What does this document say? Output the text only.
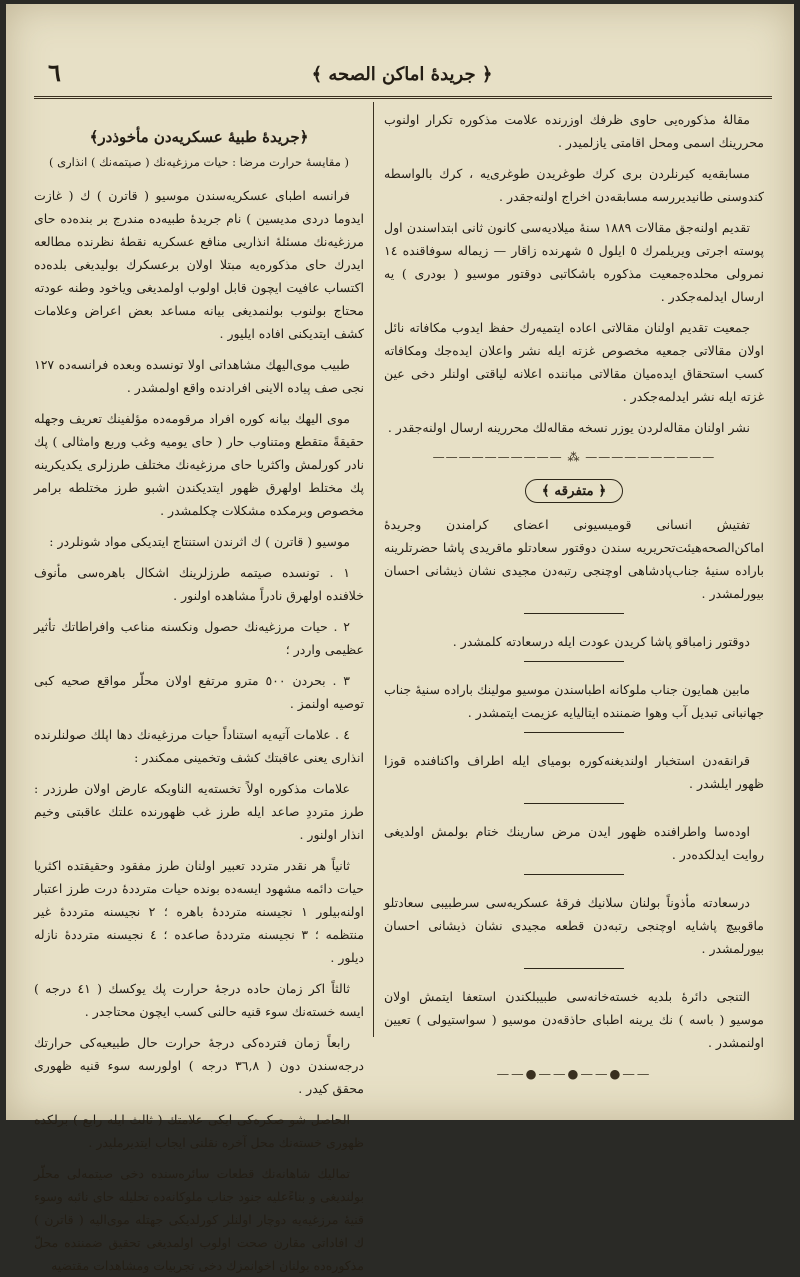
٦	﴿ جريدهٔ اماكن الصحه ﴾

مقالهٔ مذكوره‌يى حاوى ظرفك اوزرنده علامت مذكوره تكرار اولنوب محررينك اسمى ومحل اقامتى يازلميدر .

مسابقه‌يه كيرنلردن برى كرك طوغريدن طوغرى‌يه ، كرك بالواسطه كندوسنى طانيديررسه مسابقه‌دن اخراج اولنه‌جقدر .

تقديم اولنه‌جق مقالات ١٨٨٩ سنهٔ ميلاديه‌سى كانون ثانى ابتداسندن اول پوسته اجرتى ويريلمرك ٥ ايلول ٥ شهرنده زاقار — زيماله سوفاقنده ١٤ نمرولى محلده‌جمعيت مذكوره باشكاتبى دوقتور موسيو ( بودرى ) يه ارسال ايدلمه‌جكدر .

جمعيت تقديم اولنان مقالاتى اعاده ايتميه‌رك حفظ ايدوب مكافاته نائل اولان مقالاتى جمعيه مخصوص غزته ايله نشر واعلان ايده‌جك ومكافاته كسب استحقاق ايده‌ميان مقالاتى مباننده اعلانه لياقتى اولنلر دخى عين غزته ايله نشر ايدلمه‌جكدر .

نشر اولنان مقاله‌لردن يوزر نسخه مقاله‌لك محررينه ارسال اولنه‌جقدر .

—————————— ⁂ ——————————
﴿ متفرقه ﴾

تفتيش انسانى قوميسيونى اعضاى كرامندن وجريدهٔ اماكن‌الصحه‌هيئت‌تحريريه سندن دوقتور سعادتلو ماقريدى پاشا حضرتلرينه باراده سنيهٔ جناب‌پادشاهى اوچنجى رتبه‌دن مجيدى نشان ذيشانى احسان بيورلمشدر .

دوقتور زامباقو پاشا كريدن عودت ايله درسعادته كلمشدر .

مابين همايون جناب ملوكانه اطباسندن موسيو مولينك باراده سنيهٔ جناب جهانبانى تبديل آب وهوا ضمننده ايتاليايه عزيمت ايتمشدر .

قرانقه‌دن استخبار اولنديغنه‌كوره بوميای ايله اطراف واكنافنده قوزا ظهور ايلشدر .

اوده‌سا واطرافنده ظهور ايدن مرض سارينك ختام بولمش اولديغى روايت ايدلكده‌در .

درسعادته مأذوناً بولنان سلانيك فرقهٔ عسكريه‌سى سرطبيبى سعادتلو ماقوبيچ پاشايه اوچنجى رتبه‌دن قطعه مجيدى نشان ذيشانى احسان بيورلمشدر .

التنجى دائرهٔ بلديه خسته‌خانه‌سى طبيبلكندن استعفا ايتمش اولان موسيو ( باسه ) نك يرينه اطباى حاذقه‌دن موسيو ( سواستيولى ) تعيين اولنمشدر .

——●——●——●——
﴿جريدهٔ طبيهٔ عسكريه‌دن مأخوذدر﴾
( مقايسهٔ حرارت مرضا : حيات مرزغيه‌نك ( صيتمه‌نك ) انذارى )

فرانسه اطباى عسكريه‌سندن موسيو ( قاترن ) ك ( غازت ايدوما دردى مديسين ) نام جريدهٔ طبيه‌ده مندرج بر بنده‌ده حاى مرزغيه‌نك مسئلهٔ انذاريى منافع عسكريه نقطهٔ نظرنده مطالعه ايدرك حاى مذكوره‌يه مبتلا اولان برعسكرك بوليديغى بلده‌ده اكتساب عافيت ايچون قابل اولوب اولمديغى وياخود وطنه عودته محتاج بولنوب بولنمديغى بيانه مساعد بعض اعراض وعلامات كشف ايتديكنى افاده ايليور .

طبيب موى‌اليهك مشاهداتى اولا تونسده وبعده فرانسه‌ده ١٢٧ نجى صف پياده الاينى افرادنده واقع اولمشدر .

موى اليهك بيانه كوره افراد مرقومه‌ده مؤلفينك تعريف وجهله حقيقةً متقطع ومتناوب حار ( حاى يوميه وغب وربع وامثالى ) پك نادر كورلمش واكثريا حاى مرزغيه‌نك مختلف طرزلرى يكديكرينه پك مختلط اولهرق ظهور ايتديكندن اشبو طرز مختلطه برامر مخصوص وبرمكده مشكلات چكلمشدر .

موسيو ( قاترن ) ك اثرندن استنتاج ايتديكى مواد شونلردر :

١ . تونسده صيتمه طرزلرينك اشكال باهره‌سى مأنوف خلافنده اولهرق نادراً مشاهده اولنور .

٢ . حيات مرزغيه‌نك حصول ونكسنه مناعب وافراطاتك تأثير عظيمى واردر ؛

٣ . بحردن ٥٠٠ مترو مرتفع اولان محلّر مواقع صحيه كبى توصيه اولنمز .

٤ . علامات آتيه‌يه استناداً حيات مرزغيه‌نك دها اپلك صولنلرنده انذارى يعنى عاقبتك كشف وتخمينى ممكندر :

علامات مذكوره اولاً تخسته‌يه الناوبكه عارض اولان طرزدر : طرز مترددِ صاعد ايله طرز غب ظهورنده علتك عاقبتى وخيم انذار اولنور .

ثانياً هر نقدر متردد تعبير اولنان طرز مفقود وحقيقتده اكثريا حيات دائمه مشهود ايسه‌ده بونده حيات مترددهٔ درت طرز اعتبار اولنه‌بيلور ١ نجيسنه مترددهٔ باهره ؛ ٢ نجيسنه مترددهٔ غير منتظمه ؛ ٣ نجيسنه مترددهٔ صاعده ؛ ٤ نجيسنه مترددهٔ نازله ديلور .

ثالثاً اكر زمان حاده درجهٔ حرارت پك يوكسك ( ٤١ درجه ) ايسه خسته‌نك سوء قنيه حالنى كسب ايچون محتاجدر .

رابعاً زمان فترده‌كى درجهٔ حرارت حال طبيعيه‌كى حرارتك درجه‌سندن دون ( ٣٦,٨ درجه ) اولورسه سوء قنيه ظهورى محقق كيدر .

الحاصل شو صكره‌كى ايكى علامتك ( ثالث ايله رابع ) برلكده ظهورى خسته‌نك محل آخره نقلنى ايجاب ايتديرمليدر .

تماليك شاهانه‌نك قطعات سائره‌سنده دخى صيتمه‌لى محلّر بولنديغى و بناءًعليه جنود جناب ملوكانه‌ده تحليله حاى نائبه وسوء قنيهٔ مرزغيه‌يه دوچار اولنلر كورلديكى جهتله موى‌اليه ( قاترن ) ك افاداتى مقارن صحت اولوب اولمديغى تحقيق ضمننده محلّ مذكوره‌ده بولنان اخوانمزك دخى تجربيات ومشاهدات مقتضيه
